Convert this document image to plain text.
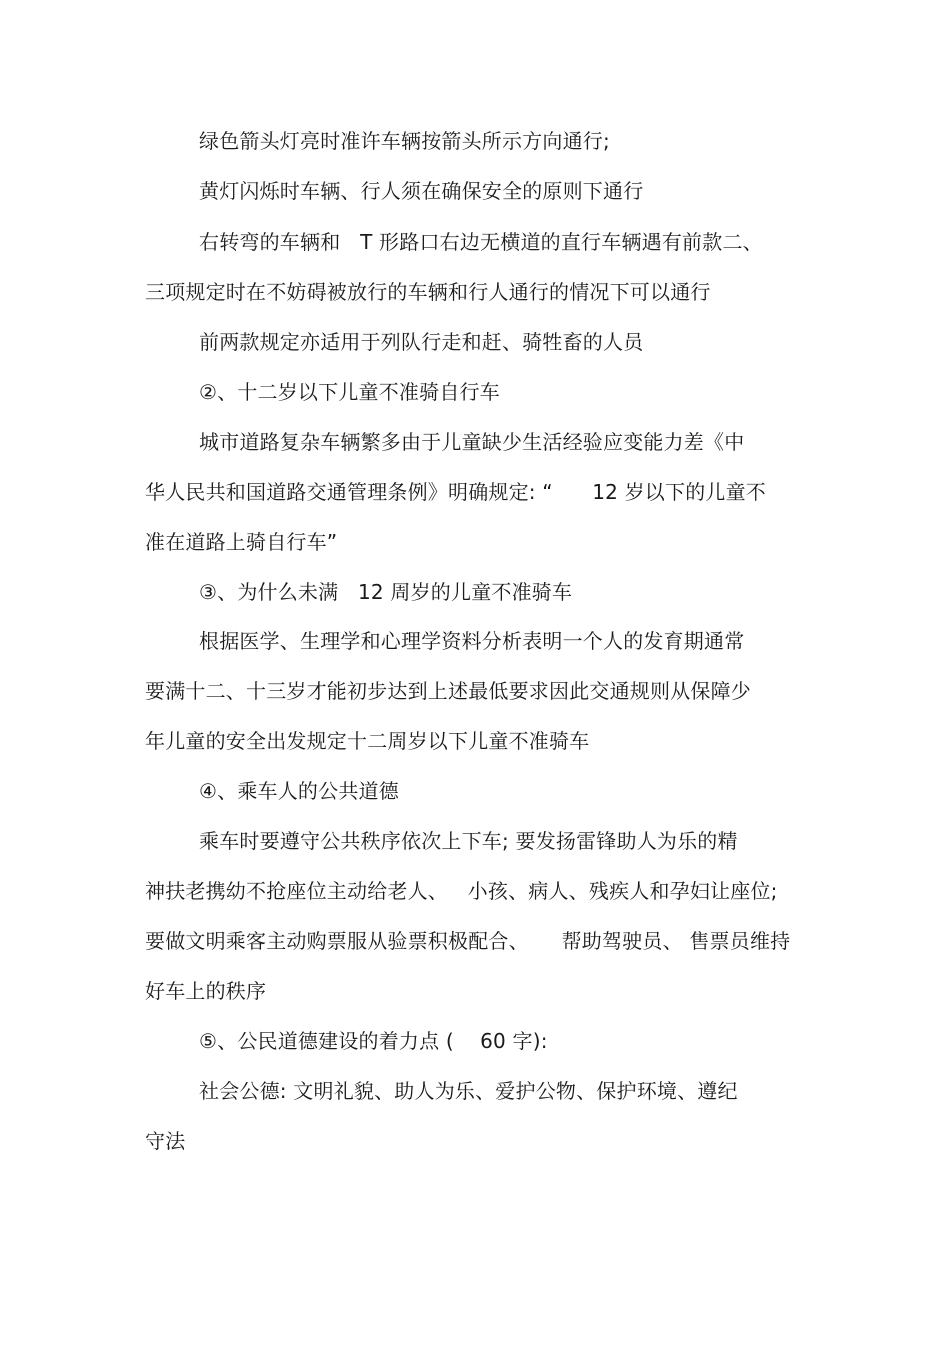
绿色箭头灯亮时准许车辆按箭头所示方向通行;
黄灯闪烁时车辆、行人须在确保安全的原则下通行
右转弯的车辆和   T 形路口右边无横道的直行车辆遇有前款二、
三项规定时在不妨碍被放行的车辆和行人通行的情况下可以通行
前两款规定亦适用于列队行走和赶、骑牲畜的人员
②、十二岁以下儿童不准骑自行车
城市道路复杂车辆繁多由于儿童缺少生活经验应变能力差《中
华人民共和国道路交通管理条例》明确规定: “      12 岁以下的儿童不
准在道路上骑自行车”
③、为什么未满   12 周岁的儿童不准骑车
根据医学、生理学和心理学资料分析表明一个人的发育期通常
要满十二、十三岁才能初步达到上述最低要求因此交通规则从保障少
年儿童的安全出发规定十二周岁以下儿童不准骑车
④、乘车人的公共道德
乘车时要遵守公共秩序依次上下车; 要发扬雷锋助人为乐的精
神扶老携幼不抢座位主动给老人、   小孩、病人、残疾人和孕妇让座位;
要做文明乘客主动购票服从验票积极配合、     帮助驾驶员、 售票员维持
好车上的秩序
⑤、公民道德建设的着力点 (    60 字):
社会公德: 文明礼貌、助人为乐、爱护公物、保护环境、遵纪
守法
